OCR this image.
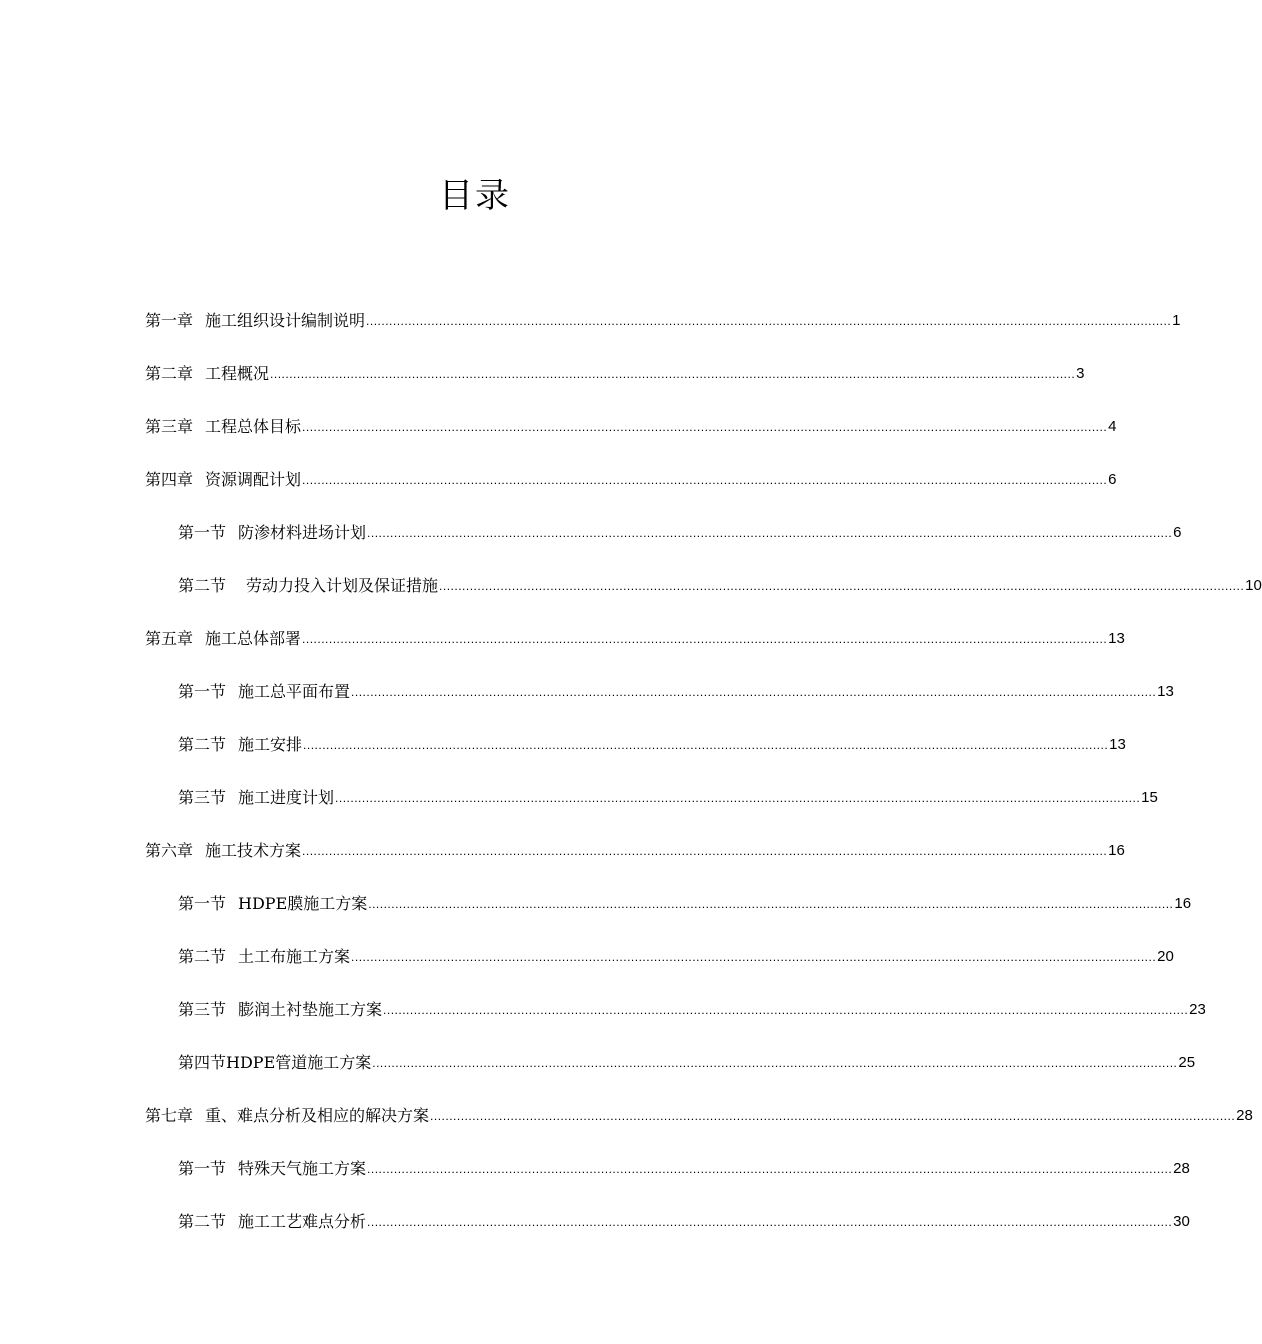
目录
第一章 施工组织设计编制说明 .................................................................................................................................................................................................................. 1
第二章 工程概况 .................................................................................................................................................................................................................. 3
第三章 工程总体目标 .................................................................................................................................................................................................................. 4
第四章 资源调配计划 .................................................................................................................................................................................................................. 6
第一节 防渗材料进场计划 .................................................................................................................................................................................................................. 6
第二节 劳动力投入计划及保证措施 .................................................................................................................................................................................................................. 10
第五章 施工总体部署 .................................................................................................................................................................................................................. 13
第一节 施工总平面布置 .................................................................................................................................................................................................................. 13
第二节 施工安排 .................................................................................................................................................................................................................. 13
第三节 施工进度计划 .................................................................................................................................................................................................................. 15
第六章 施工技术方案 .................................................................................................................................................................................................................. 16
第一节 HDPE膜施工方案 .................................................................................................................................................................................................................. 16
第二节 土工布施工方案 .................................................................................................................................................................................................................. 20
第三节 膨润土衬垫施工方案 .................................................................................................................................................................................................................. 23
第四节HDPE管道施工方案 .................................................................................................................................................................................................................. 25
第七章 重、难点分析及相应的解决方案 .................................................................................................................................................................................................................. 28
第一节 特殊天气施工方案 .................................................................................................................................................................................................................. 28
第二节 施工工艺难点分析 .................................................................................................................................................................................................................. 30
